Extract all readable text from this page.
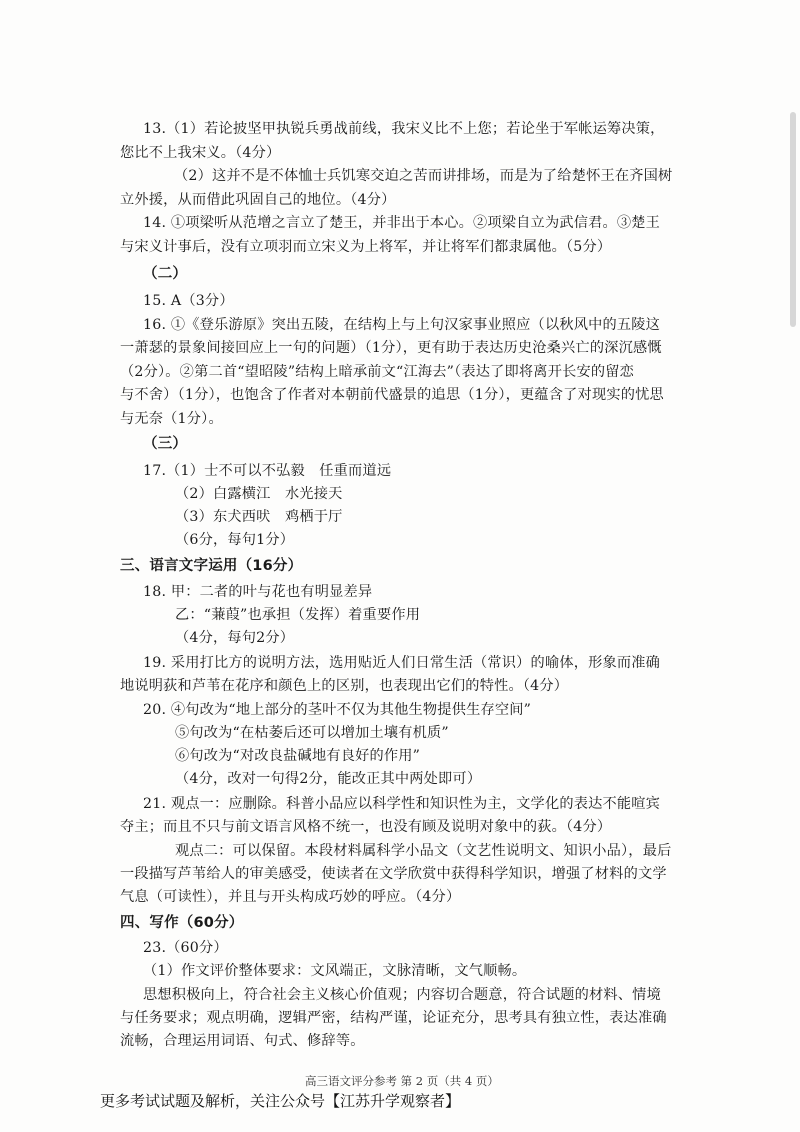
13.（1）若论披坚甲执锐兵勇战前线，我宋义比不上您；若论坐于军帐运筹决策，
您比不上我宋义。（4分）
（2）这并不是不体恤士兵饥寒交迫之苦而讲排场，而是为了给楚怀王在齐国树
立外援，从而借此巩固自己的地位。（4分）
14. ①项梁听从范增之言立了楚王，并非出于本心。②项梁自立为武信君。③楚王
与宋义计事后，没有立项羽而立宋义为上将军，并让将军们都隶属他。（5分）
（二）
15. A（3分）
16. ①《登乐游原》突出五陵，在结构上与上句汉家事业照应（以秋风中的五陵这
一萧瑟的景象间接回应上一句的问题）（1分），更有助于表达历史沧桑兴亡的深沉感慨
（2分）。②第二首“望昭陵”结构上暗承前文“江海去”（表达了即将离开长安的留恋
与不舍）（1分），也饱含了作者对本朝前代盛景的追思（1分），更蕴含了对现实的忧思
与无奈（1分）。
（三）
17.（1）士不可以不弘毅　任重而道远
（2）白露横江　水光接天
（3）东犬西吠　鸡栖于厅
（6分，每句1分）
三、语言文字运用（16分）
18. 甲：二者的叶与花也有明显差异
乙：“蒹葭”也承担（发挥）着重要作用
（4分，每句2分）
19. 采用打比方的说明方法，选用贴近人们日常生活（常识）的喻体，形象而准确
地说明荻和芦苇在花序和颜色上的区别，也表现出它们的特性。（4分）
20. ④句改为“地上部分的茎叶不仅为其他生物提供生存空间”
⑤句改为“在枯萎后还可以增加土壤有机质”
⑥句改为“对改良盐碱地有良好的作用”
（4分，改对一句得2分，能改正其中两处即可）
21. 观点一：应删除。科普小品应以科学性和知识性为主，文学化的表达不能喧宾
夺主；而且不只与前文语言风格不统一，也没有顾及说明对象中的荻。（4分）
观点二：可以保留。本段材料属科学小品文（文艺性说明文、知识小品），最后
一段描写芦苇给人的审美感受，使读者在文学欣赏中获得科学知识，增强了材料的文学
气息（可读性），并且与开头构成巧妙的呼应。（4分）
四、写作（60分）
23.（60分）
（1）作文评价整体要求：文风端正，文脉清晰，文气顺畅。
思想积极向上，符合社会主义核心价值观；内容切合题意，符合试题的材料、情境
与任务要求；观点明确，逻辑严密，结构严谨，论证充分，思考具有独立性，表达准确
流畅，合理运用词语、句式、修辞等。
高三语文评分参考 第 2 页（共 4 页）
更多考试试题及解析，关注公众号【江苏升学观察者】
